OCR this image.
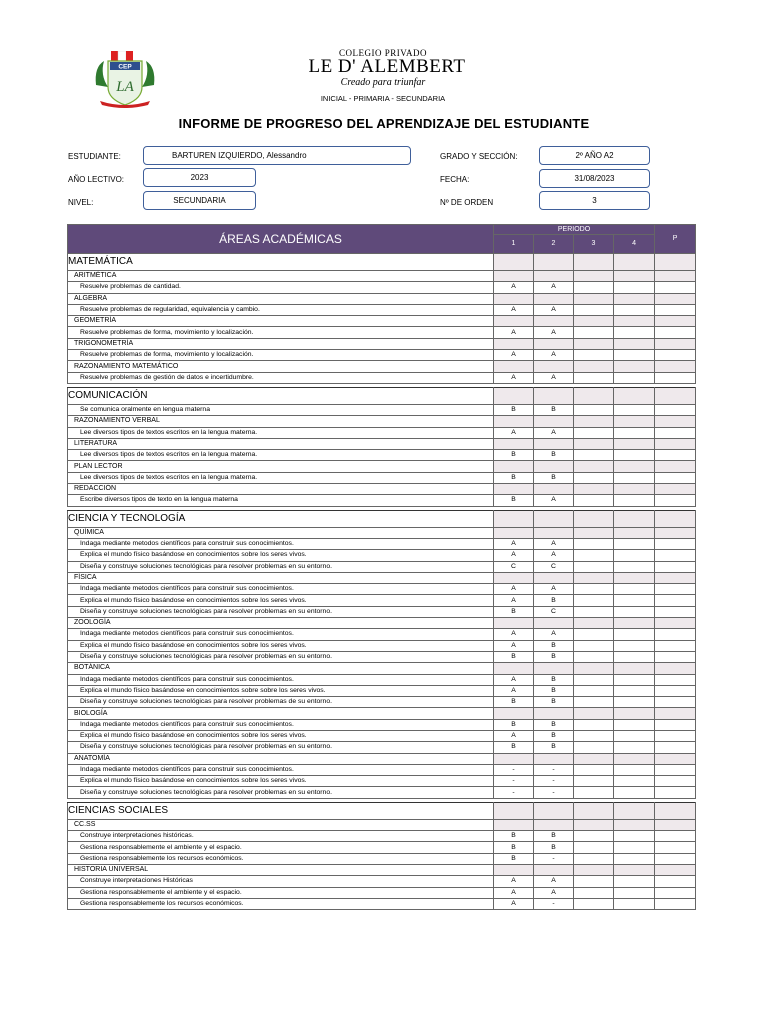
CEP
LA
COLEGIO PRIVADO
LE D' ALEMBERT
Creado para triunfar
INICIAL - PRIMARIA - SECUNDARIA
INFORME DE PROGRESO DEL APRENDIZAJE DEL ESTUDIANTE
ESTUDIANTE:	BARTUREN IZQUIERDO, Alessandro
AÑO LECTIVO:	2023
NIVEL:	SECUNDARIA
GRADO Y SECCIÓN:	2º AÑO A2
FECHA:	31/08/2023
Nº DE ORDEN	3
ÁREAS ACADÉMICAS	PERIODO				P
	1	2	3	4	
MATEMÁTICA					
ARITMÉTICA					
Resuelve problemas de cantidad.	A	A			
ALGEBRA					
Resuelve problemas de regularidad, equivalencia y cambio.	A	A			
GEOMETRÍA					
Resuelve problemas de forma, movimiento y localización.	A	A			
TRIGONOMETRÍA					
Resuelve problemas de forma, movimiento y localización.	A	A			
RAZONAMIENTO MATEMÁTICO					
Resuelve problemas de gestión de datos e incertidumbre.	A	A			

COMUNICACIÓN					
Se comunica oralmente en lengua materna	B	B			
RAZONAMIENTO VERBAL					
Lee diversos tipos de textos escritos en la lengua materna.	A	A			
LITERATURA					
Lee diversos tipos de textos escritos en la lengua materna.	B	B			
PLAN LECTOR					
Lee diversos tipos de textos escritos en la lengua materna.	B	B			
REDACCIÓN					
Escribe diversos tipos de texto en la lengua materna	B	A			

CIENCIA Y TECNOLOGÍA					
QUÍMICA					
Indaga mediante metodos científicos para construir sus conocimientos.	A	A			
Explica el mundo físico basándose en conocimientos sobre los seres vivos.	A	A			
Diseña y construye soluciones tecnológicas para resolver problemas en su entorno.	C	C			
FÍSICA					
Indaga mediante metodos científicos para construir sus conocimientos.	A	A			
Explica el mundo físico basándose en conocimientos sobre los seres vivos.	A	B			
Diseña y construye soluciones tecnológicas para resolver problemas en su entorno.	B	C			
ZOOLOGÍA					
Indaga mediante metodos científicos para construir sus conocimientos.	A	A			
Explica el mundo físico basándose en conocimientos sobre los seres vivos.	A	B			
Diseña y construye soluciones tecnológicas para resolver problemas en su entorno.	B	B			
BOTÁNICA					
Indaga mediante metodos científicos para construir sus conocimientos.	A	B			
Explica el mundo físico basándose en conocimientos sobre sobre los seres vivos.	A	B			
Diseña y construye soluciones tecnológicas para resolver problemas de su entorno.	B	B			
BIOLOGÍA					
Indaga mediante metodos científicos para construir sus conocimientos.	B	B			
Explica el mundo físico basándose en conocimientos sobre los seres vivos.	A	B			
Diseña y construye soluciones tecnológicas para resolver problemas en su entorno.	B	B			
ANATOMÍA					
Indaga mediante metodos científicos para construir sus conocimientos.	-	-			
Explica el mundo físico basándose en conocimientos sobre los seres vivos.	-	-			
Diseña y construye soluciones tecnológicas para resolver problemas en su entorno.	-	-			

CIENCIAS SOCIALES					
CC.SS					
Construye interpretaciones históricas.	B	B			
Gestiona responsablemente el ambiente y el espacio.	B	B			
Gestiona responsablemente los recursos económicos.	B	-			
HISTORIA UNIVERSAL					
Construye interpretaciones Históricas	A	A			
Gestiona responsablemente el ambiente y el espacio.	A	A			
Gestiona responsablemente los recursos económicos.	A	-			
